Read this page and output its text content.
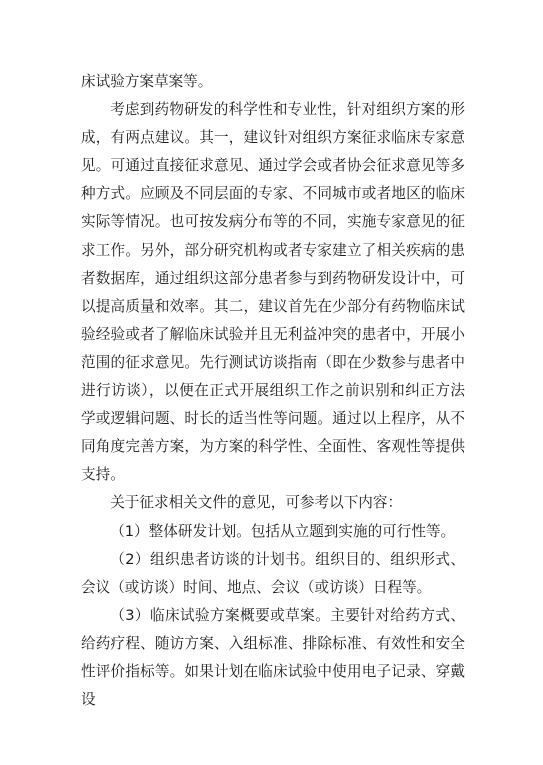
床试验方案草案等。

考虑到药物研发的科学性和专业性，针对组织方案的形成，有两点建议。其一，建议针对组织方案征求临床专家意见。可通过直接征求意见、通过学会或者协会征求意见等多种方式。应顾及不同层面的专家、不同城市或者地区的临床实际等情况。也可按发病分布等的不同，实施专家意见的征求工作。另外，部分研究机构或者专家建立了相关疾病的患者数据库，通过组织这部分患者参与到药物研发设计中，可以提高质量和效率。其二，建议首先在少部分有药物临床试验经验或者了解临床试验并且无利益冲突的患者中，开展小范围的征求意见。先行测试访谈指南（即在少数参与患者中进行访谈），以便在正式开展组织工作之前识别和纠正方法学或逻辑问题、时长的适当性等问题。通过以上程序，从不同角度完善方案，为方案的科学性、全面性、客观性等提供支持。

关于征求相关文件的意见，可参考以下内容：

（1）整体研发计划。包括从立题到实施的可行性等。

（2）组织患者访谈的计划书。组织目的、组织形式、会议（或访谈）时间、地点、会议（或访谈）日程等。

（3）临床试验方案概要或草案。主要针对给药方式、给药疗程、随访方案、入组标准、排除标准、有效性和安全性评价指标等。如果计划在临床试验中使用电子记录、穿戴设
